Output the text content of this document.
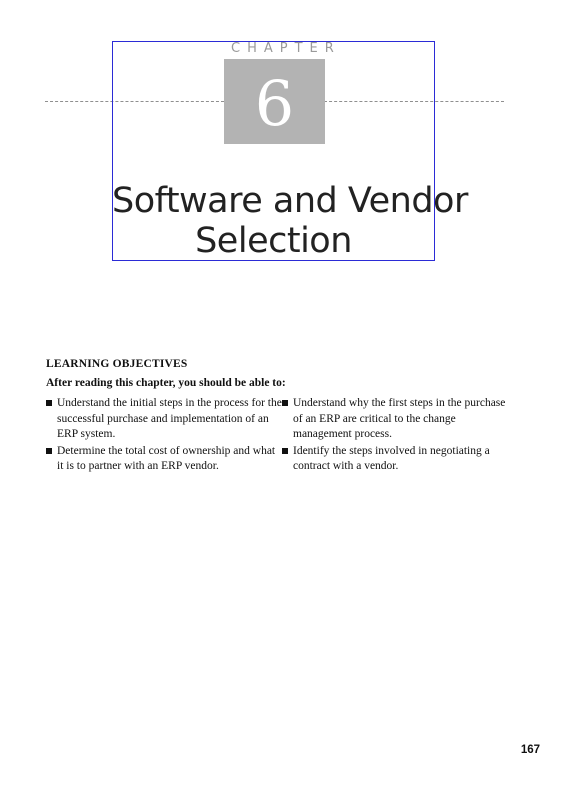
CHAPTER
6
Software and Vendor
Selection
LEARNING OBJECTIVES

After reading this chapter, you should be able to:

Understand the initial steps in the process for the successful purchase and implementation of an ERP system.
Determine the total cost of ownership and what it is to partner with an ERP vendor.
Understand why the first steps in the purchase of an ERP are critical to the change management process.
Identify the steps involved in negotiating a contract with a vendor.
167
